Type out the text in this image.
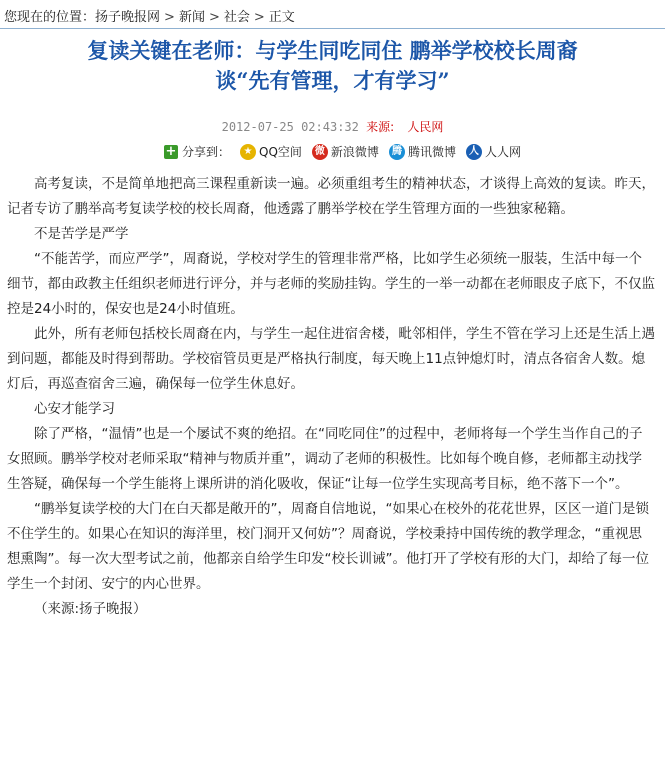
您现在的位置：扬子晚报网 > 新闻 > 社会 > 正文
复读关键在老师：与学生同吃同住 鹏举学校校长周裔
谈“先有管理，才有学习”
2012-07-25 02:43:32 来源: 人民网
+ 分享到：	★ QQ空间	微 新浪微博	腾 腾讯微博	人 人人网

高考复读，不是简单地把高三课程重新读一遍。必须重组考生的精神状态，才谈得上高效的复读。昨天，记者专访了鹏举高考复读学校的校长周裔，他透露了鹏举学校在学生管理方面的一些独家秘籍。

不是苦学是严学

“不能苦学，而应严学”，周裔说，学校对学生的管理非常严格，比如学生必须统一服装，生活中每一个细节，都由政教主任组织老师进行评分，并与老师的奖励挂钩。学生的一举一动都在老师眼皮子底下，不仅监控是24小时的，保安也是24小时值班。

此外，所有老师包括校长周裔在内，与学生一起住进宿舍楼，毗邻相伴，学生不管在学习上还是生活上遇到问题，都能及时得到帮助。学校宿管员更是严格执行制度，每天晚上11点钟熄灯时，清点各宿舍人数。熄灯后，再巡查宿舍三遍，确保每一位学生休息好。

心安才能学习

除了严格，“温情”也是一个屡试不爽的绝招。在“同吃同住”的过程中，老师将每一个学生当作自己的子女照顾。鹏举学校对老师采取“精神与物质并重”，调动了老师的积极性。比如每个晚自修，老师都主动找学生答疑，确保每一个学生能将上课所讲的消化吸收，保证“让每一位学生实现高考目标，绝不落下一个”。

“鹏举复读学校的大门在白天都是敞开的”，周裔自信地说，“如果心在校外的花花世界，区区一道门是锁不住学生的。如果心在知识的海洋里，校门洞开又何妨”？周裔说，学校秉持中国传统的教学理念，“重视思想熏陶”。每一次大型考试之前，他都亲自给学生印发“校长训诫”。他打开了学校有形的大门，却给了每一位学生一个封闭、安宁的内心世界。

（来源:扬子晚报）
